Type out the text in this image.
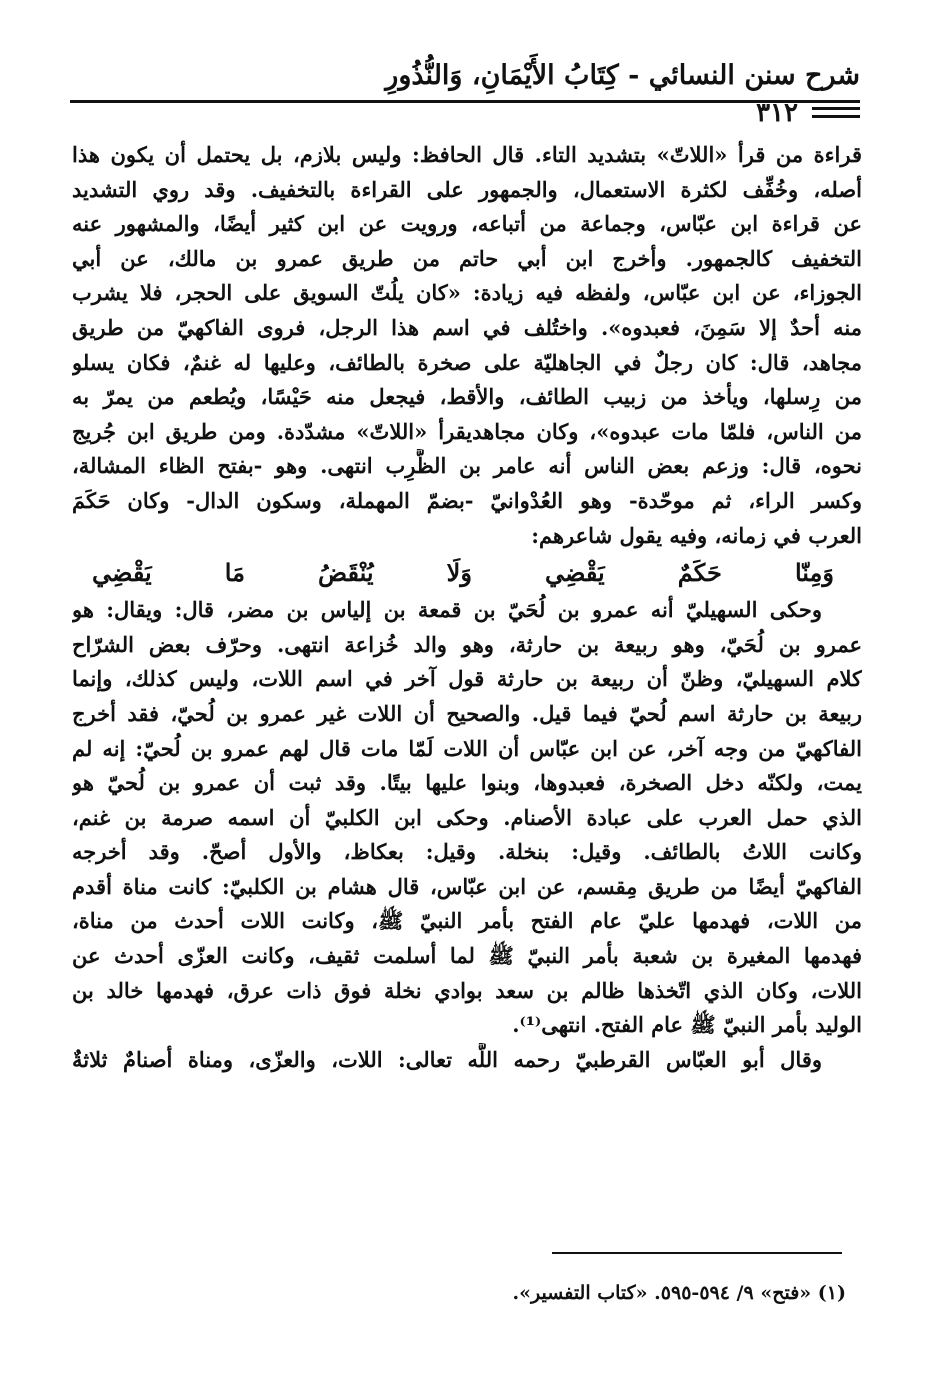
شرح سنن النسائي - كِتَابُ الأَيْمَانِ، وَالنُّذُورِ
٣١٢
قراءة من قرأ «اللاتّ» بتشديد التاء. قال الحافظ: وليس بلازم، بل يحتمل أن يكون هذا
أصله، وخُفِّف لكثرة الاستعمال، والجمهور على القراءة بالتخفيف. وقد روي التشديد
عن قراءة ابن عبّاس، وجماعة من أتباعه، ورويت عن ابن كثير أيضًا، والمشهور عنه
التخفيف كالجمهور. وأخرج ابن أبي حاتم من طريق عمرو بن مالك، عن أبي
الجوزاء، عن ابن عبّاس، ولفظه فيه زيادة: «كان يلُتّ السويق على الحجر، فلا يشرب
منه أحدٌ إلا سَمِنَ، فعبدوه». واختُلف في اسم هذا الرجل، فروى الفاكهيّ من طريق
مجاهد، قال: كان رجلٌ في الجاهليّة على صخرة بالطائف، وعليها له غنمٌ، فكان يسلو
من رِسلها، ويأخذ من زبيب الطائف، والأقط، فيجعل منه حَيْسًا، ويُطعم من يمرّ به
من الناس، فلمّا مات عبدوه»، وكان مجاهديقرأ «اللاتّ» مشدّدة. ومن طريق ابن جُريج
نحوه، قال: وزعم بعض الناس أنه عامر بن الظَّرِب انتهى. وهو -بفتح الظاء المشالة،
وكسر الراء، ثم موحّدة- وهو العُدْوانيّ -بضمّ المهملة، وسكون الدال- وكان حَكَمَ
العرب في زمانه، وفيه يقول شاعرهم:
وَمِنّا حَكَمٌ يَقْضِي وَلَا يُنْقَضُ مَا يَقْضِي
وحكى السهيليّ أنه عمرو بن لُحَيّ بن قمعة بن إلياس بن مضر، قال: ويقال: هو
عمرو بن لُحَيّ، وهو ربيعة بن حارثة، وهو والد خُزاعة انتهى. وحرّف بعض الشرّاح
كلام السهيليّ، وظنّ أن ربيعة بن حارثة قول آخر في اسم اللات، وليس كذلك، وإنما
ربيعة بن حارثة اسم لُحيّ فيما قيل. والصحيح أن اللات غير عمرو بن لُحيّ، فقد أخرج
الفاكهيّ من وجه آخر، عن ابن عبّاس أن اللات لَمّا مات قال لهم عمرو بن لُحيّ: إنه لم
يمت، ولكنّه دخل الصخرة، فعبدوها، وبنوا عليها بيتًا. وقد ثبت أن عمرو بن لُحيّ هو
الذي حمل العرب على عبادة الأصنام. وحكى ابن الكلبيّ أن اسمه صرمة بن غنم،
وكانت اللاتُ بالطائف. وقيل: بنخلة. وقيل: بعكاظ، والأول أصحّ. وقد أخرجه
الفاكهيّ أيضًا من طريق مِقسم، عن ابن عبّاس، قال هشام بن الكلبيّ: كانت مناة أقدم
من اللات، فهدمها عليّ عام الفتح بأمر النبيّ ﷺ، وكانت اللات أحدث من مناة،
فهدمها المغيرة بن شعبة بأمر النبيّ ﷺ لما أسلمت ثقيف، وكانت العزّى أحدث عن
اللات، وكان الذي اتّخذها ظالم بن سعد بوادي نخلة فوق ذات عرق، فهدمها خالد بن
الوليد بأمر النبيّ ﷺ عام الفتح. انتهى⁽¹⁾.
وقال أبو العبّاس القرطبيّ رحمه اللَّه تعالى: اللات، والعزّى، ومناة أصنامٌ ثلاثةٌ
(١) «فتح» ٩/ ٥٩٤-٥٩٥. «كتاب التفسير».
